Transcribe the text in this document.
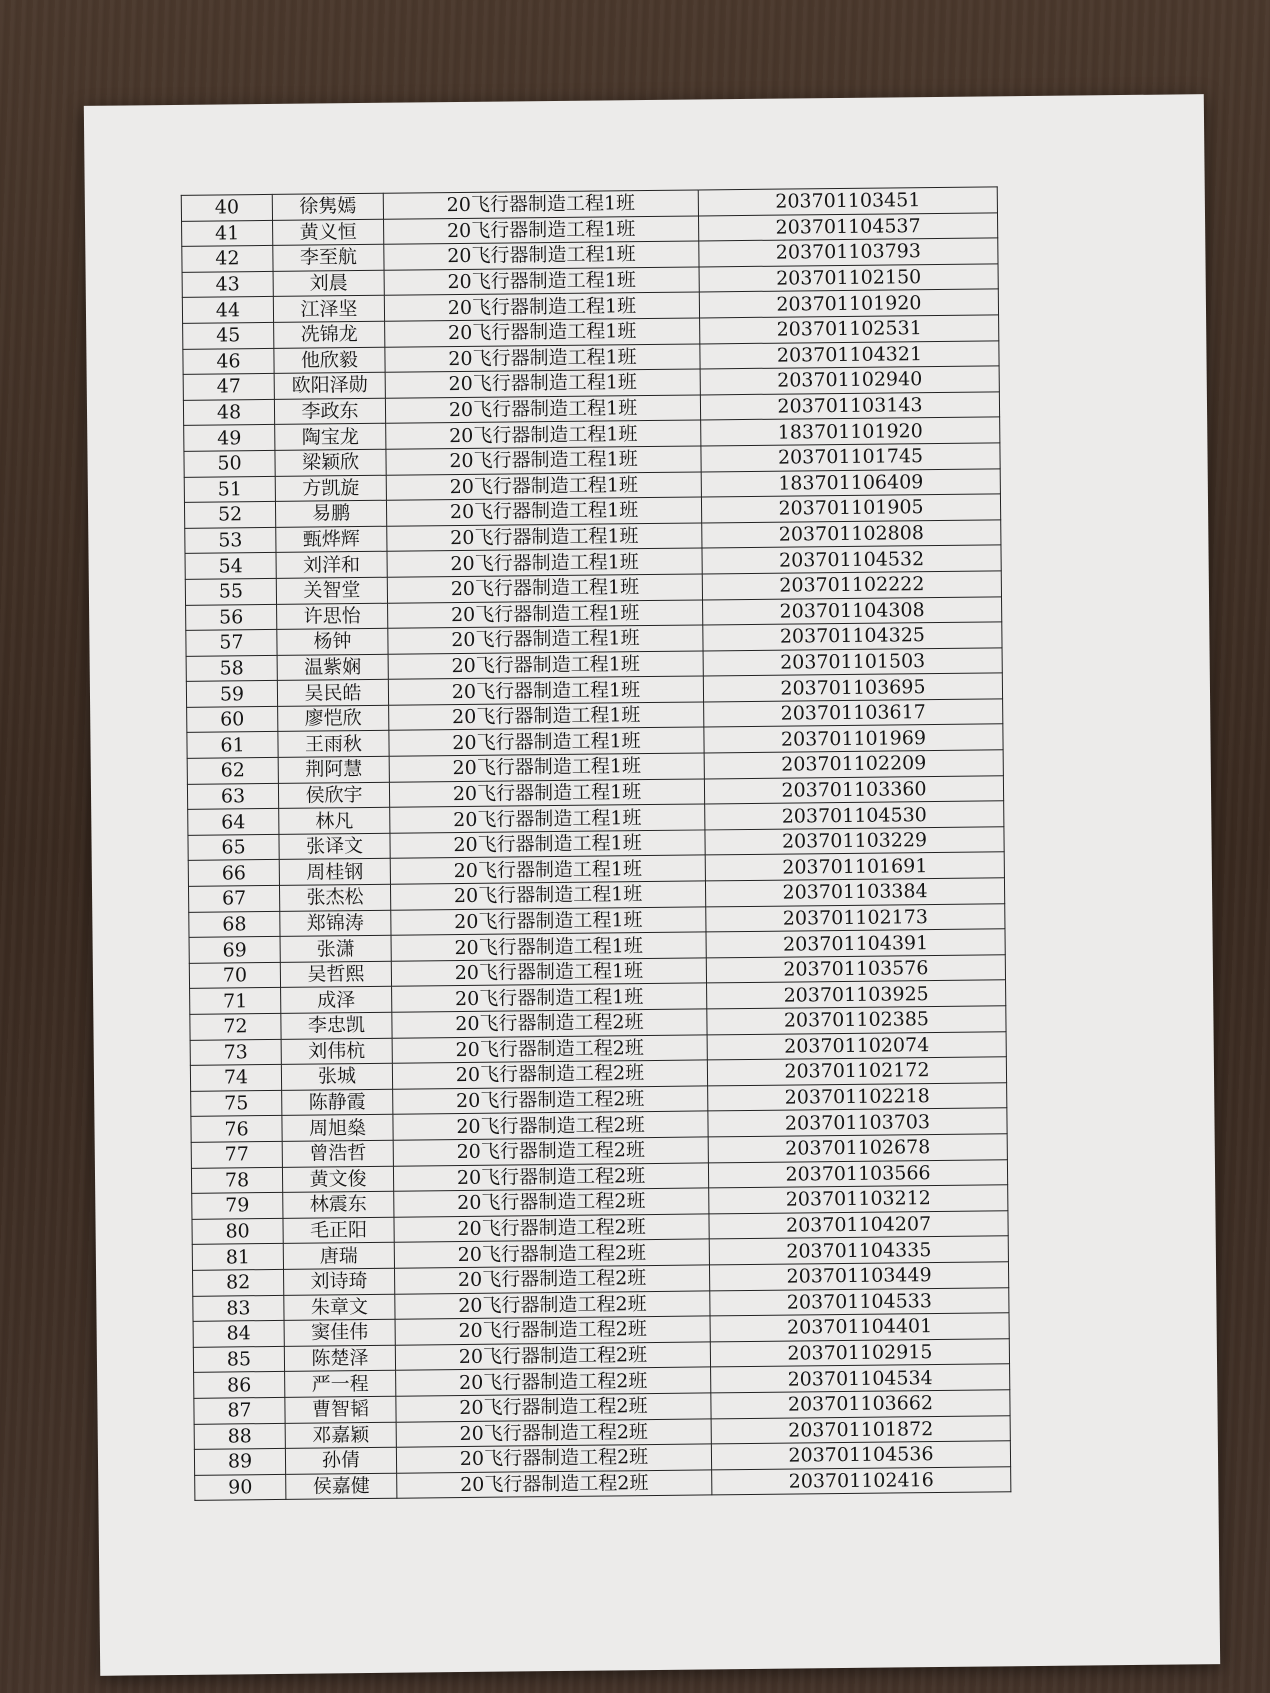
40	徐隽嫣	20飞行器制造工程1班	203701103451
41	黄义恒	20飞行器制造工程1班	203701104537
42	李至航	20飞行器制造工程1班	203701103793
43	刘晨	20飞行器制造工程1班	203701102150
44	江泽坚	20飞行器制造工程1班	203701101920
45	冼锦龙	20飞行器制造工程1班	203701102531
46	他欣毅	20飞行器制造工程1班	203701104321
47	欧阳泽勋	20飞行器制造工程1班	203701102940
48	李政东	20飞行器制造工程1班	203701103143
49	陶宝龙	20飞行器制造工程1班	183701101920
50	梁颖欣	20飞行器制造工程1班	203701101745
51	方凯旋	20飞行器制造工程1班	183701106409
52	易鹏	20飞行器制造工程1班	203701101905
53	甄烨辉	20飞行器制造工程1班	203701102808
54	刘洋和	20飞行器制造工程1班	203701104532
55	关智堂	20飞行器制造工程1班	203701102222
56	许思怡	20飞行器制造工程1班	203701104308
57	杨钟	20飞行器制造工程1班	203701104325
58	温紫娴	20飞行器制造工程1班	203701101503
59	吴民皓	20飞行器制造工程1班	203701103695
60	廖恺欣	20飞行器制造工程1班	203701103617
61	王雨秋	20飞行器制造工程1班	203701101969
62	荆阿慧	20飞行器制造工程1班	203701102209
63	侯欣宇	20飞行器制造工程1班	203701103360
64	林凡	20飞行器制造工程1班	203701104530
65	张译文	20飞行器制造工程1班	203701103229
66	周桂钢	20飞行器制造工程1班	203701101691
67	张杰松	20飞行器制造工程1班	203701103384
68	郑锦涛	20飞行器制造工程1班	203701102173
69	张潇	20飞行器制造工程1班	203701104391
70	吴哲熙	20飞行器制造工程1班	203701103576
71	成泽	20飞行器制造工程1班	203701103925
72	李忠凯	20飞行器制造工程2班	203701102385
73	刘伟杭	20飞行器制造工程2班	203701102074
74	张城	20飞行器制造工程2班	203701102172
75	陈静霞	20飞行器制造工程2班	203701102218
76	周旭燊	20飞行器制造工程2班	203701103703
77	曾浩哲	20飞行器制造工程2班	203701102678
78	黄文俊	20飞行器制造工程2班	203701103566
79	林震东	20飞行器制造工程2班	203701103212
80	毛正阳	20飞行器制造工程2班	203701104207
81	唐瑞	20飞行器制造工程2班	203701104335
82	刘诗琦	20飞行器制造工程2班	203701103449
83	朱章文	20飞行器制造工程2班	203701104533
84	窦佳伟	20飞行器制造工程2班	203701104401
85	陈楚泽	20飞行器制造工程2班	203701102915
86	严一程	20飞行器制造工程2班	203701104534
87	曹智韬	20飞行器制造工程2班	203701103662
88	邓嘉颖	20飞行器制造工程2班	203701101872
89	孙倩	20飞行器制造工程2班	203701104536
90	侯嘉健	20飞行器制造工程2班	203701102416
